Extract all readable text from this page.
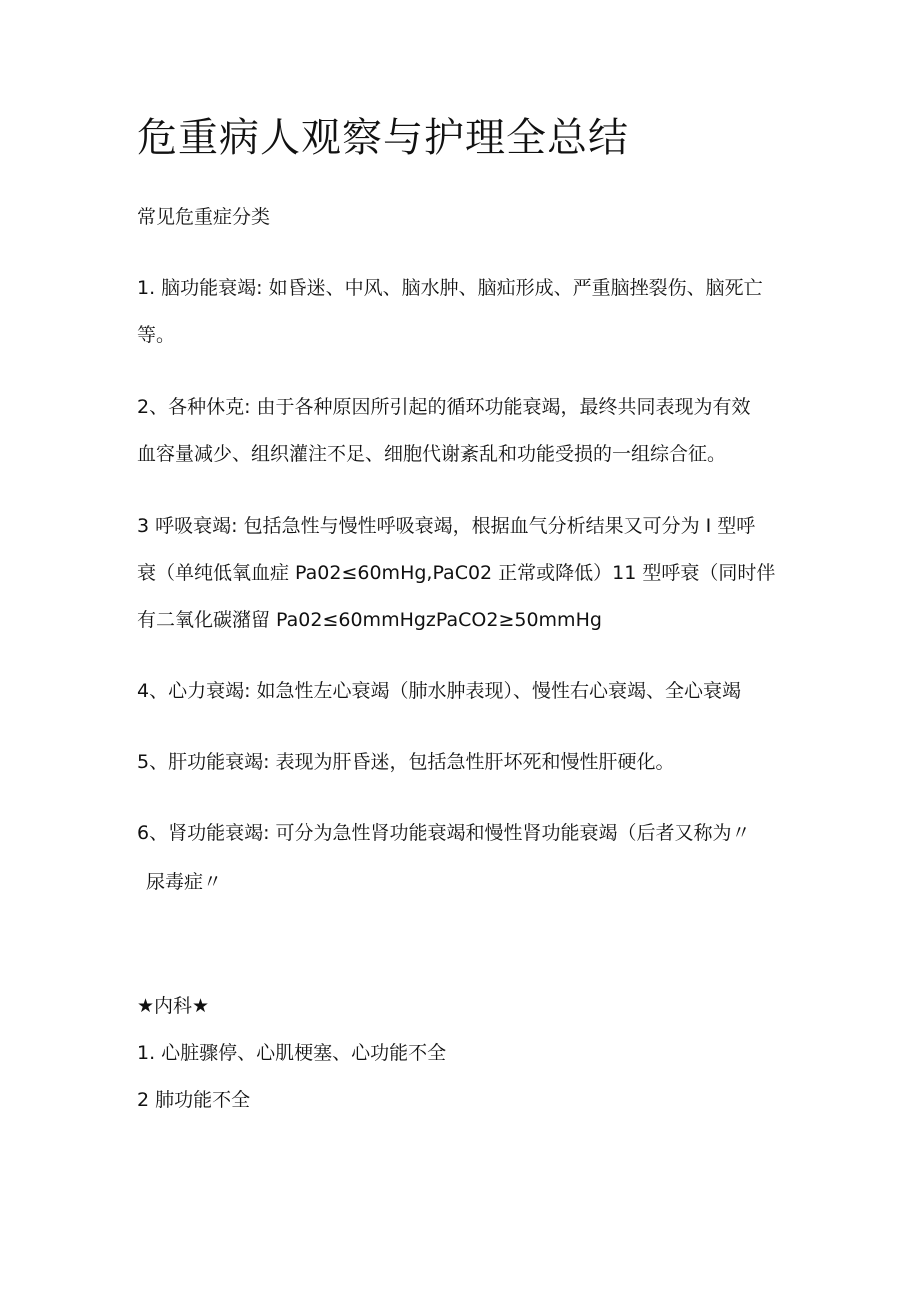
危重病人观察与护理全总结

常见危重症分类

1. 脑功能衰竭: 如昏迷、中风、脑水肿、脑疝形成、严重脑挫裂伤、脑死亡

等。

2、各种休克: 由于各种原因所引起的循环功能衰竭，最终共同表现为有效

血容量减少、组织灌注不足、细胞代谢紊乱和功能受损的一组综合征。

3 呼吸衰竭: 包括急性与慢性呼吸衰竭，根据血气分析结果又可分为 I 型呼

衰（单纯低氧血症 Pa02≤60mHg,PaC02 正常或降低）11 型呼衰（同时伴

有二氧化碳潴留 Pa02≤60mmHgzPaCO2≥50mmHg

4、心力衰竭: 如急性左心衰竭（肺水肿表现）、慢性右心衰竭、全心衰竭

5、肝功能衰竭: 表现为肝昏迷，包括急性肝坏死和慢性肝硬化。

6、肾功能衰竭: 可分为急性肾功能衰竭和慢性肾功能衰竭（后者又称为〃

尿毒症〃

★内科★

1. 心脏骤停、心肌梗塞、心功能不全

2 肺功能不全
